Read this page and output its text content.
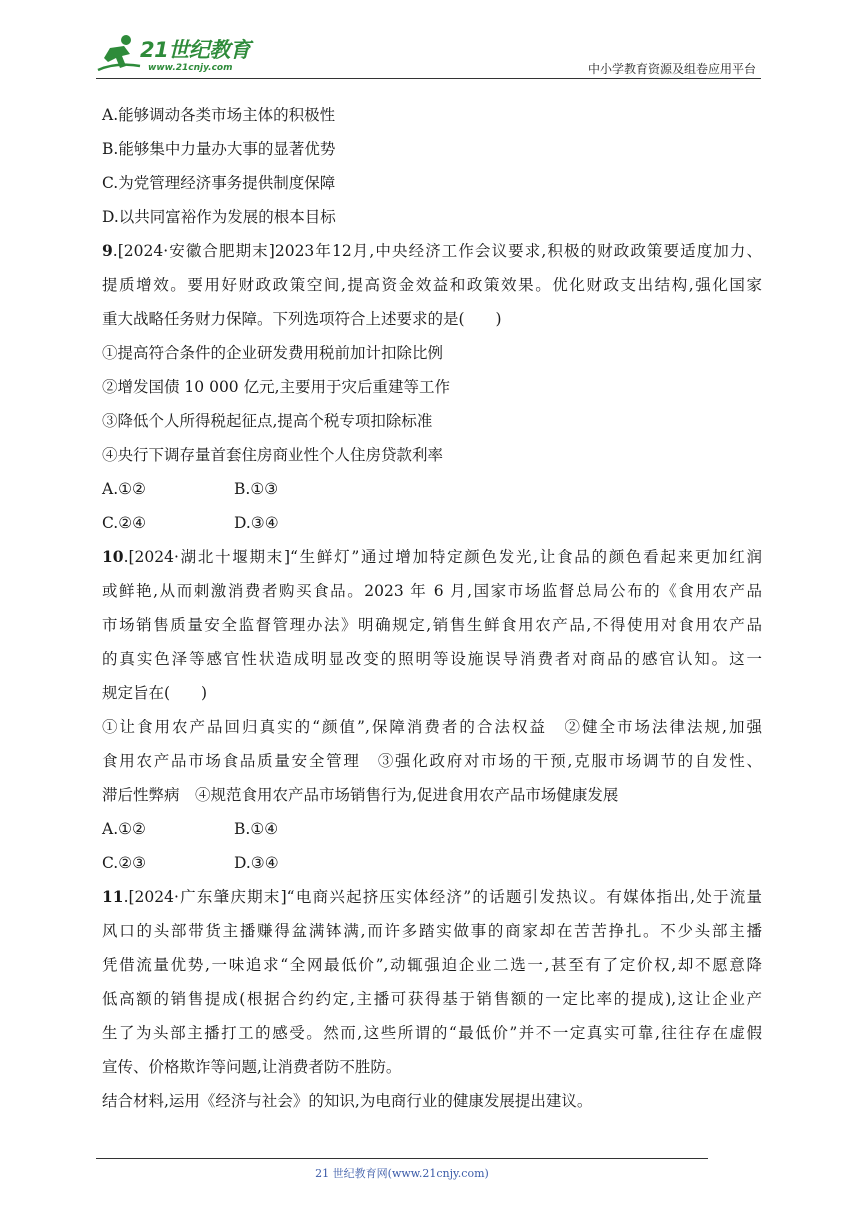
21世纪教育
www.21cnjy.com	中小学教育资源及组卷应用平台
A.能够调动各类市场主体的积极性
B.能够集中力量办大事的显著优势
C.为党管理经济事务提供制度保障
D.以共同富裕作为发展的根本目标
9.[2024·安徽合肥期末]2023年12月,中央经济工作会议要求,积极的财政政策要适度加力、
提质增效。要用好财政政策空间,提高资金效益和政策效果。优化财政支出结构,强化国家
重大战略任务财力保障。下列选项符合上述要求的是(　　)
①提高符合条件的企业研发费用税前加计扣除比例
②增发国债 10 000 亿元,主要用于灾后重建等工作
③降低个人所得税起征点,提高个税专项扣除标准
④央行下调存量首套住房商业性个人住房贷款利率
A.①②	B.①③
C.②④	D.③④
10.[2024·湖北十堰期末]“生鲜灯”通过增加特定颜色发光,让食品的颜色看起来更加红润
或鲜艳,从而刺激消费者购买食品。2023 年 6 月,国家市场监督总局公布的《食用农产品
市场销售质量安全监督管理办法》明确规定,销售生鲜食用农产品,不得使用对食用农产品
的真实色泽等感官性状造成明显改变的照明等设施误导消费者对商品的感官认知。这一
规定旨在(　　)
①让食用农产品回归真实的“颜值”,保障消费者的合法权益　②健全市场法律法规,加强
食用农产品市场食品质量安全管理　③强化政府对市场的干预,克服市场调节的自发性、
滞后性弊病　④规范食用农产品市场销售行为,促进食用农产品市场健康发展
A.①②	B.①④
C.②③	D.③④
11.[2024·广东肇庆期末]“电商兴起挤压实体经济”的话题引发热议。有媒体指出,处于流量
风口的头部带货主播赚得盆满钵满,而许多踏实做事的商家却在苦苦挣扎。不少头部主播
凭借流量优势,一味追求“全网最低价”,动辄强迫企业二选一,甚至有了定价权,却不愿意降
低高额的销售提成(根据合约约定,主播可获得基于销售额的一定比率的提成),这让企业产
生了为头部主播打工的感受。然而,这些所谓的“最低价”并不一定真实可靠,往往存在虚假
宣传、价格欺诈等问题,让消费者防不胜防。
结合材料,运用《经济与社会》的知识,为电商行业的健康发展提出建议。
21 世纪教育网(www.21cnjy.com)
